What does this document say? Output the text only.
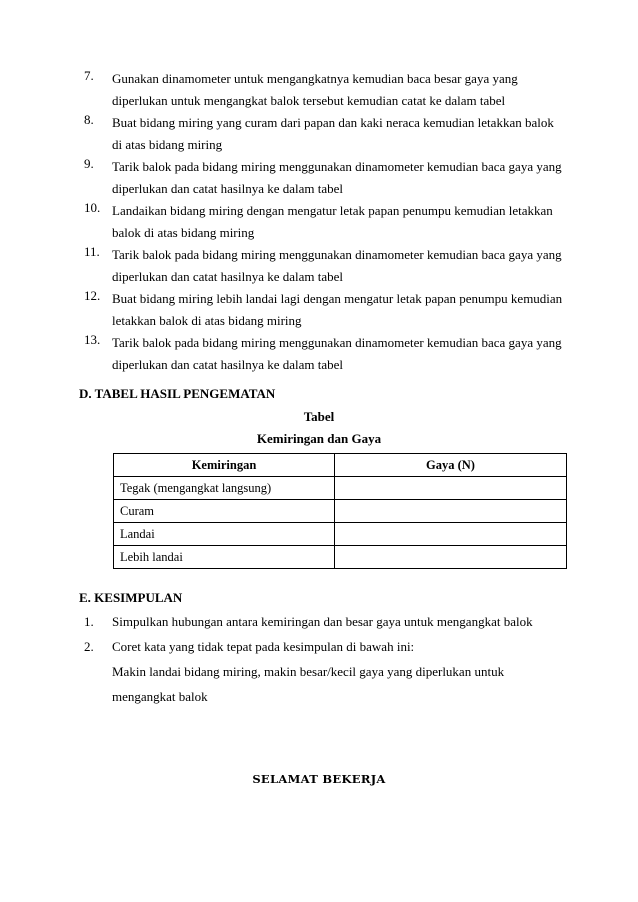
7.	Gunakan dinamometer untuk mengangkatnya kemudian baca besar gaya yang
diperlukan untuk mengangkat balok tersebut kemudian catat ke dalam tabel
8.	Buat bidang miring yang curam dari papan dan kaki neraca kemudian letakkan balok
di atas bidang miring
9.	Tarik balok pada bidang miring menggunakan dinamometer kemudian baca gaya yang
diperlukan dan catat hasilnya ke dalam tabel
10. Landaikan bidang miring dengan mengatur letak papan penumpu kemudian letakkan
balok di atas bidang miring
11. Tarik balok pada bidang miring menggunakan dinamometer kemudian baca gaya yang
diperlukan dan catat hasilnya ke dalam tabel
12. Buat bidang miring lebih landai lagi dengan mengatur letak papan penumpu kemudian
letakkan balok di atas bidang miring
13. Tarik balok pada bidang miring menggunakan dinamometer kemudian baca gaya yang
diperlukan dan catat hasilnya ke dalam tabel
D. TABEL HASIL PENGEMATAN
Tabel
Kemiringan dan Gaya
Kemiringan	Gaya (N)
Tegak (mengangkat langsung)	
Curam	
Landai	
Lebih landai	
E. KESIMPULAN
1.	Simpulkan hubungan antara kemiringan dan besar gaya untuk mengangkat balok
2.	Coret kata yang tidak tepat pada kesimpulan di bawah ini:
Makin landai bidang miring, makin besar/kecil gaya yang diperlukan untuk
mengangkat balok
SELAMAT BEKERJA
